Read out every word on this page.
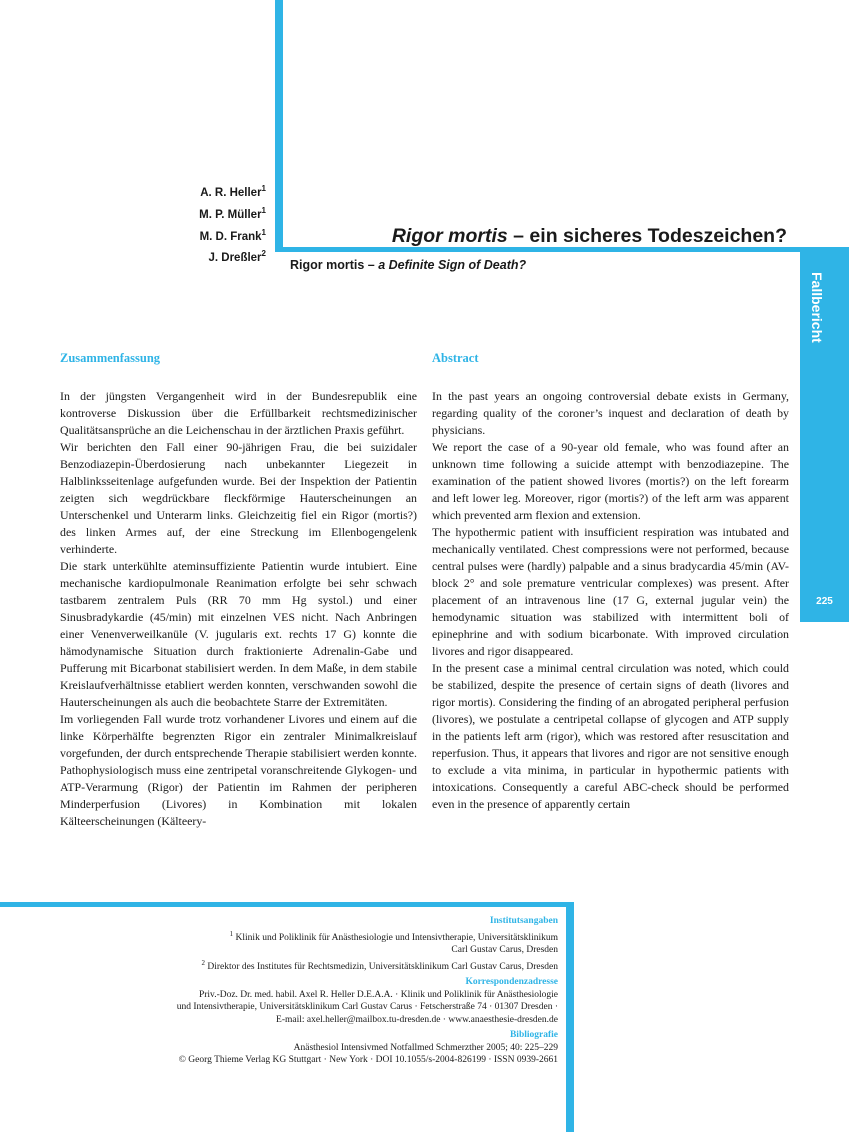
A. R. Heller$^1$
M. P. Müller$^1$
M. D. Frank$^1$
J. Dreßler$^2$
Rigor mortis – ein sicheres Todeszeichen?
Rigor mortis – a Definite Sign of Death?
Fallbericht
225
Zusammenfassung

In der jüngsten Vergangenheit wird in der Bundesrepublik eine kontroverse Diskussion über die Erfüllbarkeit rechtsmedizinischer Qualitätsansprüche an die Leichenschau in der ärztlichen Praxis geführt.

Wir berichten den Fall einer 90-jährigen Frau, die bei suizidaler Benzodiazepin-Überdosierung nach unbekannter Liegezeit in Halblinksseitenlage aufgefunden wurde. Bei der Inspektion der Patientin zeigten sich wegdrückbare fleckförmige Hauterscheinungen an Unterschenkel und Unterarm links. Gleichzeitig fiel ein Rigor (mortis?) des linken Armes auf, der eine Streckung im Ellenbogengelenk verhinderte.

Die stark unterkühlte ateminsuffiziente Patientin wurde intubiert. Eine mechanische kardiopulmonale Reanimation erfolgte bei sehr schwach tastbarem zentralem Puls (RR 70 mm Hg systol.) und einer Sinusbradykardie (45/min) mit einzelnen VES nicht. Nach Anbringen einer Venenverweilkanüle (V. jugularis ext. rechts 17 G) konnte die hämodynamische Situation durch fraktionierte Adrenalin-Gabe und Pufferung mit Bicarbonat stabilisiert werden. In dem Maße, in dem stabile Kreislaufverhältnisse etabliert werden konnten, verschwanden sowohl die Hauterscheinungen als auch die beobachtete Starre der Extremitäten.

Im vorliegenden Fall wurde trotz vorhandener Livores und einem auf die linke Körperhälfte begrenzten Rigor ein zentraler Minimalkreislauf vorgefunden, der durch entsprechende Therapie stabilisiert werden konnte. Pathophysiologisch muss eine zentripetal voranschreitende Glykogen- und ATP-Verarmung (Rigor) der Patientin im Rahmen der peripheren Minderperfusion (Livores) in Kombination mit lokalen Kälteerscheinungen (Kälteery-

Abstract

In the past years an ongoing controversial debate exists in Germany, regarding quality of the coroner’s inquest and declaration of death by physicians.

We report the case of a 90-year old female, who was found after an unknown time following a suicide attempt with benzodiazepine. The examination of the patient showed livores (mortis?) on the left forearm and left lower leg. Moreover, rigor (mortis?) of the left arm was apparent which prevented arm flexion and extension.

The hypothermic patient with insufficient respiration was intubated and mechanically ventilated. Chest compressions were not performed, because central pulses were (hardly) palpable and a sinus bradycardia 45/min (AV-block 2° and sole premature ventricular complexes) was present. After placement of an intravenous line (17 G, external jugular vein) the hemodynamic situation was stabilized with intermittent boli of epinephrine and with sodium bicarbonate. With improved circulation livores and rigor disappeared.

In the present case a minimal central circulation was noted, which could be stabilized, despite the presence of certain signs of death (livores and rigor mortis). Considering the finding of an abrogated peripheral perfusion (livores), we postulate a centripetal collapse of glycogen and ATP supply in the patients left arm (rigor), which was restored after resuscitation and reperfusion. Thus, it appears that livores and rigor are not sensitive enough to exclude a vita minima, in particular in hypothermic patients with intoxications. Consequently a careful ABC-check should be performed even in the presence of apparently certain

Institutsangaben
$^1$ Klinik und Poliklinik für Anästhesiologie und Intensivtherapie, Universitätsklinikum
Carl Gustav Carus, Dresden
$^2$ Direktor des Institutes für Rechtsmedizin, Universitätsklinikum Carl Gustav Carus, Dresden
Korrespondenzadresse
Priv.-Doz. Dr. med. habil. Axel R. Heller D.E.A.A. · Klinik und Poliklinik für Anästhesiologie
und Intensivtherapie, Universitätsklinikum Carl Gustav Carus · Fetscherstraße 74 · 01307 Dresden ·
E-mail: axel.heller@mailbox.tu-dresden.de · www.anaesthesie-dresden.de
Bibliografie
Anästhesiol Intensivmed Notfallmed Schmerzther 2005; 40: 225–229
© Georg Thieme Verlag KG Stuttgart · New York · DOI 10.1055/s-2004-826199 · ISSN 0939-2661
